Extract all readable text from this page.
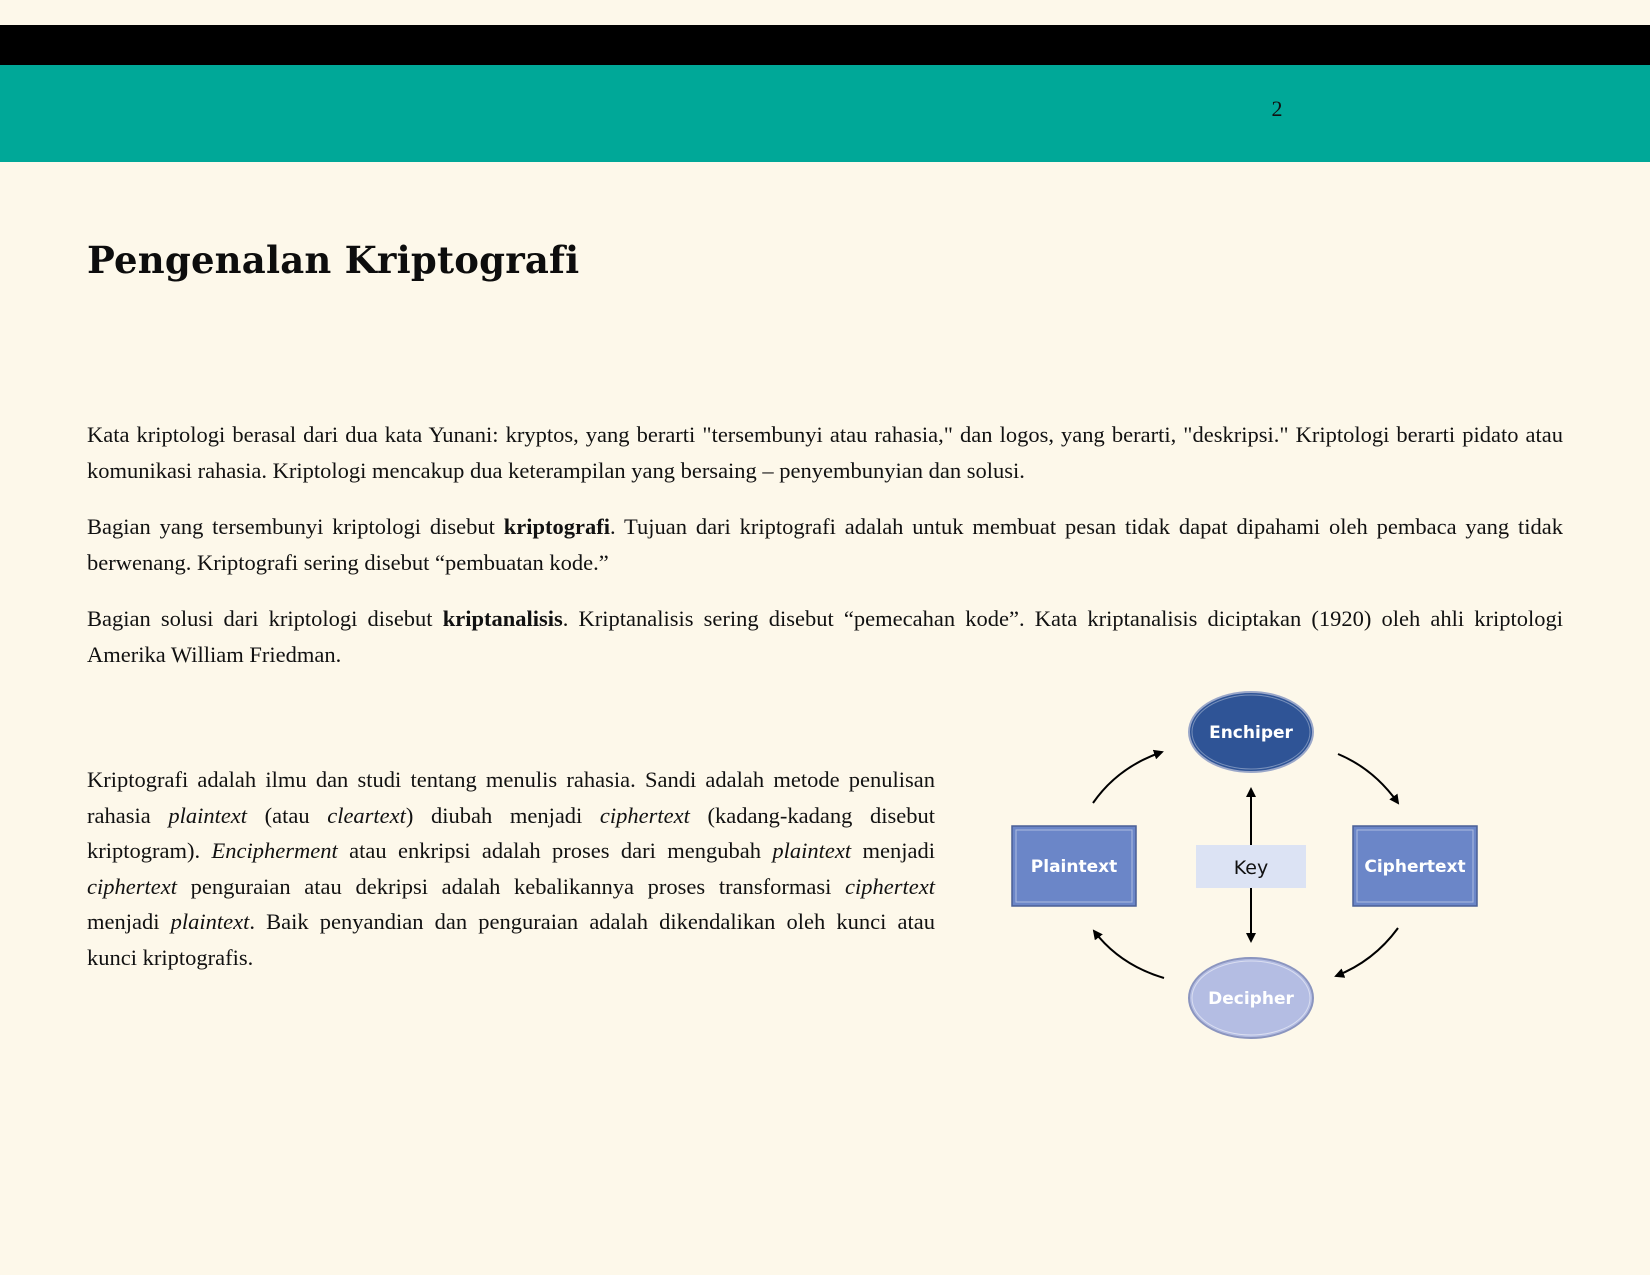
2
Pengenalan Kriptografi

Kata kriptologi berasal dari dua kata Yunani: kryptos, yang berarti "tersembunyi atau rahasia," dan logos, yang berarti, "deskripsi." Kriptologi berarti pidato atau komunikasi rahasia. Kriptologi mencakup dua keterampilan yang bersaing – penyembunyian dan solusi.

Bagian yang tersembunyi kriptologi disebut kriptografi. Tujuan dari kriptografi adalah untuk membuat pesan tidak dapat dipahami oleh pembaca yang tidak berwenang. Kriptografi sering disebut “pembuatan kode.”

Bagian solusi dari kriptologi disebut kriptanalisis. Kriptanalisis sering disebut “pemecahan kode”. Kata kriptanalisis diciptakan (1920) oleh ahli kriptologi Amerika William Friedman.

Kriptografi adalah ilmu dan studi tentang menulis rahasia. Sandi adalah metode penulisan rahasia plaintext (atau cleartext) diubah menjadi ciphertext (kadang-kadang disebut kriptogram). Encipherment atau enkripsi adalah proses dari mengubah plaintext menjadi ciphertext penguraian atau dekripsi adalah kebalikannya proses transformasi ciphertext menjadi plaintext. Baik penyandian dan penguraian adalah dikendalikan oleh kunci atau kunci kriptografis.

Enchiper
Decipher
Plaintext	Ciphertext
Key
